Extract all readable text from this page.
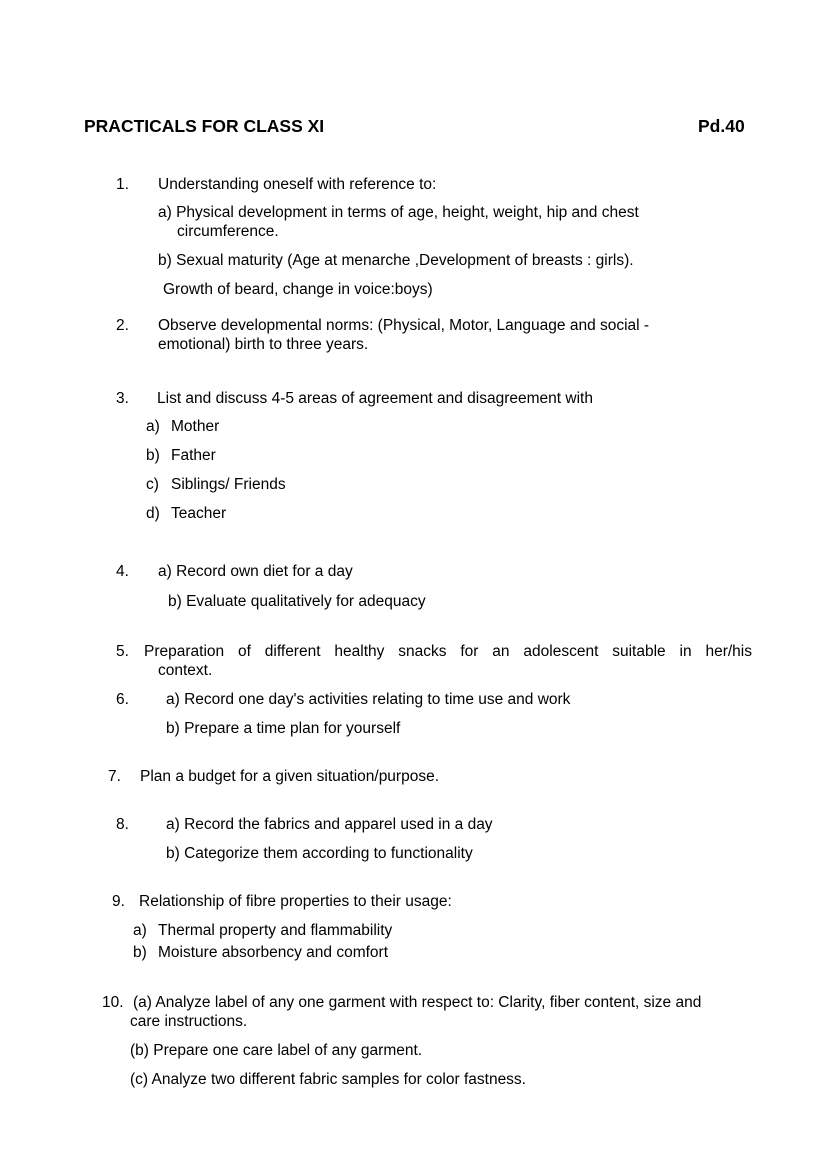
PRACTICALS FOR CLASS XI	Pd.40
1. Understanding oneself with reference to:
a) Physical development in terms of age, height, weight, hip and chest
circumference.
b) Sexual maturity (Age at menarche ,Development of breasts : girls).
Growth of beard, change in voice:boys)
2. Observe developmental norms: (Physical, Motor, Language and social -
emotional) birth to three years.
3. List and discuss 4-5 areas of agreement and disagreement with
a) Mother
b) Father
c) Siblings/ Friends
d) Teacher
4. a) Record own diet for a day
b) Evaluate qualitatively for adequacy
5. Preparation of different healthy snacks for an adolescent suitable in her/his
context.
6. a) Record one day's activities relating to time use and work
b) Prepare a time plan for yourself
7. Plan a budget for a given situation/purpose.
8. a) Record the fabrics and apparel used in a day
b) Categorize them according to functionality
9. Relationship of fibre properties to their usage:
a) Thermal property and flammability
b) Moisture absorbency and comfort
10. (a) Analyze label of any one garment with respect to: Clarity, fiber content, size and
care instructions.
(b) Prepare one care label of any garment.
(c) Analyze two different fabric samples for color fastness.
